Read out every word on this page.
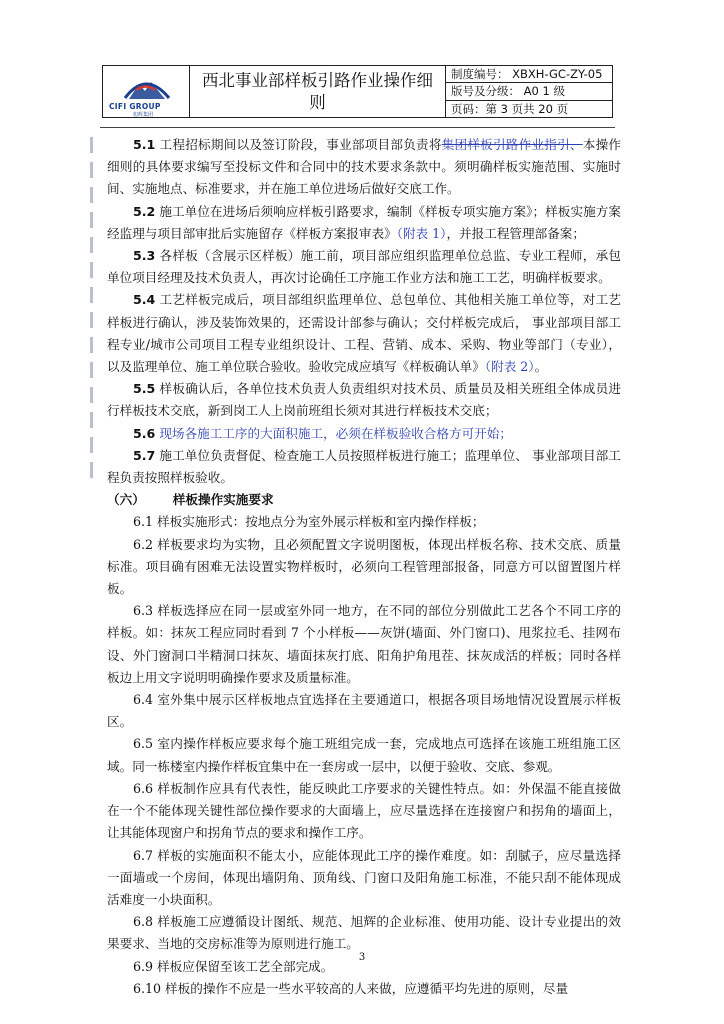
CIFI GROUP
旭辉集团
西北事业部样板引路作业操作细则
制度编号： XBXH-GC-ZY-05
版号及分级： A0 1 级
页码：第 3 页共 20 页

5.1 工程招标期间以及签订阶段，事业部项目部负责将集团样板引路作业指引、本操作细则的具体要求编写至投标文件和合同中的技术要求条款中。须明确样板实施范围、实施时间、实施地点、标准要求，并在施工单位进场后做好交底工作。

5.2 施工单位在进场后须响应样板引路要求，编制《样板专项实施方案》；样板实施方案经监理与项目部审批后实施留存《样板方案报审表》（附表 1），并报工程管理部备案；

5.3 各样板（含展示区样板）施工前，项目部应组织监理单位总监、专业工程师，承包单位项目经理及技术负责人，再次讨论确任工序施工作业方法和施工工艺，明确样板要求。

5.4 工艺样板完成后，项目部组织监理单位、总包单位、其他相关施工单位等，对工艺样板进行确认，涉及装饰效果的，还需设计部参与确认；交付样板完成后， 事业部项目部工程专业/城市公司项目工程专业组织设计、工程、营销、成本、采购、物业等部门（专业），以及监理单位、施工单位联合验收。验收完成应填写《样板确认单》（附表 2）。

5.5 样板确认后，各单位技术负责人负责组织对技术员、质量员及相关班组全体成员进行样板技术交底，新到岗工人上岗前班组长须对其进行样板技术交底；

5.6 现场各施工工序的大面积施工，必须在样板验收合格方可开始；

5.7 施工单位负责督促、检查施工人员按照样板进行施工；监理单位、 事业部项目部工程负责按照样板验收。

（六） 样板操作实施要求

6.1 样板实施形式：按地点分为室外展示样板和室内操作样板；

6.2 样板要求均为实物，且必须配置文字说明图板，体现出样板名称、技术交底、质量标准。项目确有困难无法设置实物样板时，必须向工程管理部报备，同意方可以留置图片样板。

6.3 样板选择应在同一层或室外同一地方，在不同的部位分别做此工艺各个不同工序的样板。如：抹灰工程应同时看到 7 个小样板——灰饼(墙面、外门窗口)、甩浆拉毛、挂网布设、外门窗洞口半精洞口抹灰、墙面抹灰打底、阳角护角甩茬、抹灰成活的样板；同时各样板边上用文字说明明确操作要求及质量标准。

6.4 室外集中展示区样板地点宜选择在主要通道口，根据各项目场地情况设置展示样板区。

6.5 室内操作样板应要求每个施工班组完成一套，完成地点可选择在该施工班组施工区域。同一栋楼室内操作样板宜集中在一套房或一层中，以便于验收、交底、参观。

6.6 样板制作应具有代表性，能反映此工序要求的关键性特点。如：外保温不能直接做在一个不能体现关键性部位操作要求的大面墙上，应尽量选择在连接窗户和拐角的墙面上，让其能体现窗户和拐角节点的要求和操作工序。

6.7 样板的实施面积不能太小，应能体现此工序的操作难度。如：刮腻子，应尽量选择一面墙或一个房间，体现出墙阴角、顶角线、门窗口及阳角施工标准，不能只刮不能体现成活难度一小块面积。

6.8 样板施工应遵循设计图纸、规范、旭辉的企业标准、使用功能、设计专业提出的效果要求、当地的交房标准等为原则进行施工。

6.9 样板应保留至该工艺全部完成。

6.10 样板的操作不应是一些水平较高的人来做，应遵循平均先进的原则，尽量

3
